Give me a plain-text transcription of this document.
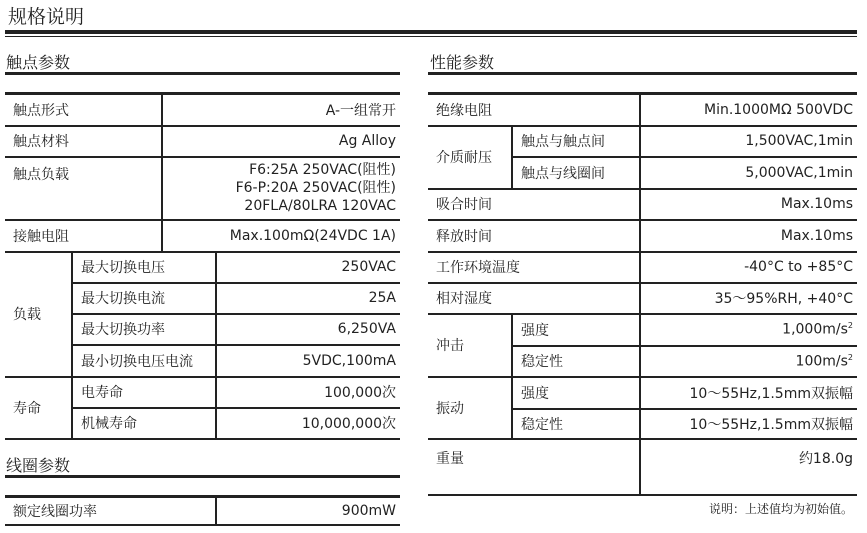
规格说明
触点参数
触点形式		A-一组常开	
触点材料		Ag Alloy	
触点负载		F6:25A 250VAC(阻性)
F6-P:20A 250VAC(阻性)
20FLA/80LRA 120VAC	

接触电阻		Max.100mΩ(24VDC 1A)	
负载	最大切换电压		250VAC
	最大切换电流		25A
	最大切换功率		6,250VA
	最小切换电压电流		5VDC,100mA
寿命	电寿命		100,000次
	机械寿命		10,000,000次
线圈参数
额定线圈功率	900mW
性能参数
绝缘电阻		Min.1000MΩ 500VDC
介质耐压	触点与触点间	1,500VAC,1min
	触点与线圈间	5,000VAC,1min
吸合时间		Max.10ms
释放时间		Max.10ms
工作环境温度		-40°C to +85°C
相对湿度		35～95%RH, +40°C
冲击	强度	$1,000m/s^2$
	稳定性	$100m/s^2$
振动	强度	10～55Hz,1.5mm双振幅
	稳定性	10～55Hz,1.5mm双振幅
重量		约18.0g
说明：上述值均为初始值。
